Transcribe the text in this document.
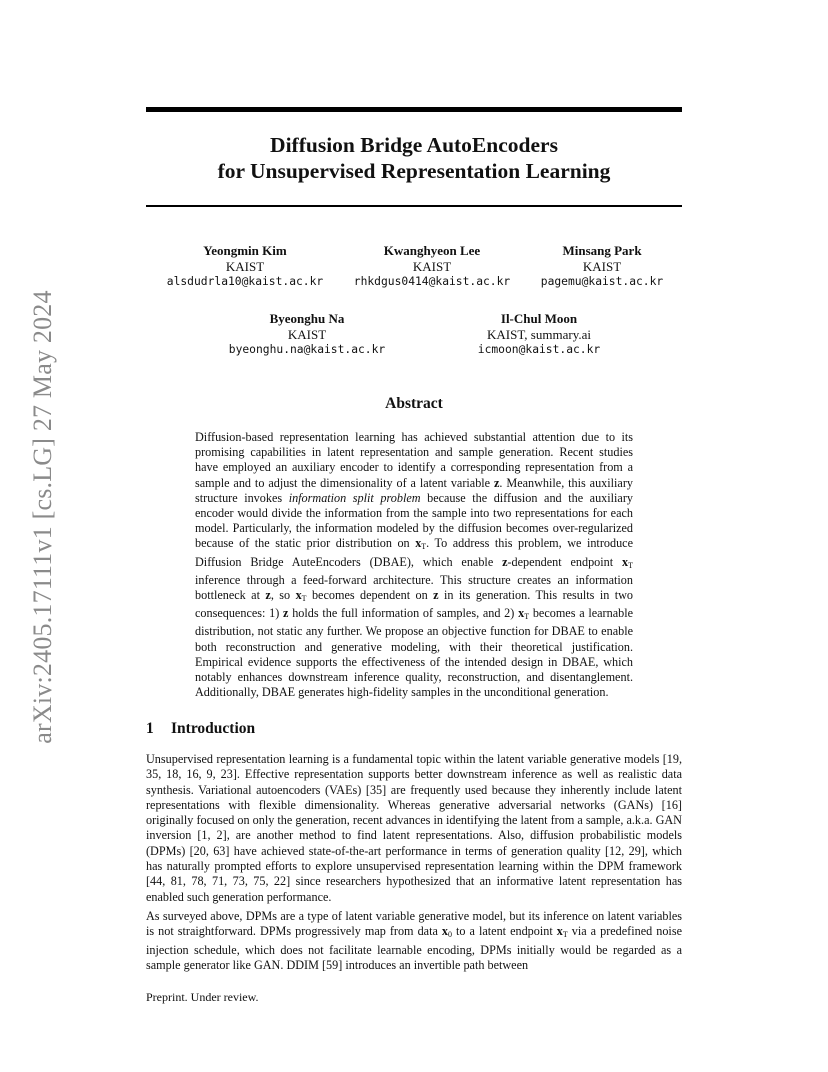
Diffusion Bridge AutoEncoders
for Unsupervised Representation Learning
arXiv:2405.17111v1 [cs.LG] 27 May 2024
Yeongmin Kim
KAIST
alsdudrla10@kaist.ac.kr
Kwanghyeon Lee
KAIST
rhkdgus0414@kaist.ac.kr
Minsang Park
KAIST
pagemu@kaist.ac.kr
Byeonghu Na
KAIST
byeonghu.na@kaist.ac.kr
Il-Chul Moon
KAIST, summary.ai
icmoon@kaist.ac.kr
Abstract
Diffusion-based representation learning has achieved substantial attention due to its promising capabilities in latent representation and sample generation. Recent studies have employed an auxiliary encoder to identify a corresponding representation from a sample and to adjust the dimensionality of a latent variable z. Meanwhile, this auxiliary structure invokes information split problem because the diffusion and the auxiliary encoder would divide the information from the sample into two representations for each model. Particularly, the information modeled by the diffusion becomes over-regularized because of the static prior distribution on $x_T$. To address this problem, we introduce Diffusion Bridge AuteEncoders (DBAE), which enable z-dependent endpoint $x_T$ inference through a feed-forward architecture. This structure creates an information bottleneck at z, so $x_T$ becomes dependent on z in its generation. This results in two consequences: 1) z holds the full information of samples, and 2) $x_T$ becomes a learnable distribution, not static any further. We propose an objective function for DBAE to enable both reconstruction and generative modeling, with their theoretical justification. Empirical evidence supports the effectiveness of the intended design in DBAE, which notably enhances downstream inference quality, reconstruction, and disentanglement. Additionally, DBAE generates high-fidelity samples in the unconditional generation.
1 Introduction
Unsupervised representation learning is a fundamental topic within the latent variable generative models [19, 35, 18, 16, 9, 23]. Effective representation supports better downstream inference as well as realistic data synthesis. Variational autoencoders (VAEs) [35] are frequently used because they inherently include latent representations with flexible dimensionality. Whereas generative adversarial networks (GANs) [16] originally focused on only the generation, recent advances in identifying the latent from a sample, a.k.a. GAN inversion [1, 2], are another method to find latent representations. Also, diffusion probabilistic models (DPMs) [20, 63] have achieved state-of-the-art performance in terms of generation quality [12, 29], which has naturally prompted efforts to explore unsupervised representation learning within the DPM framework [44, 81, 78, 71, 73, 75, 22] since researchers hypothesized that an informative latent representation has enabled such generation performance.
As surveyed above, DPMs are a type of latent variable generative model, but its inference on latent variables is not straightforward. DPMs progressively map from data $x_0$ to a latent endpoint $x_T$ via a predefined noise injection schedule, which does not facilitate learnable encoding, DPMs initially would be regarded as a sample generator like GAN. DDIM [59] introduces an invertible path between
Preprint. Under review.
